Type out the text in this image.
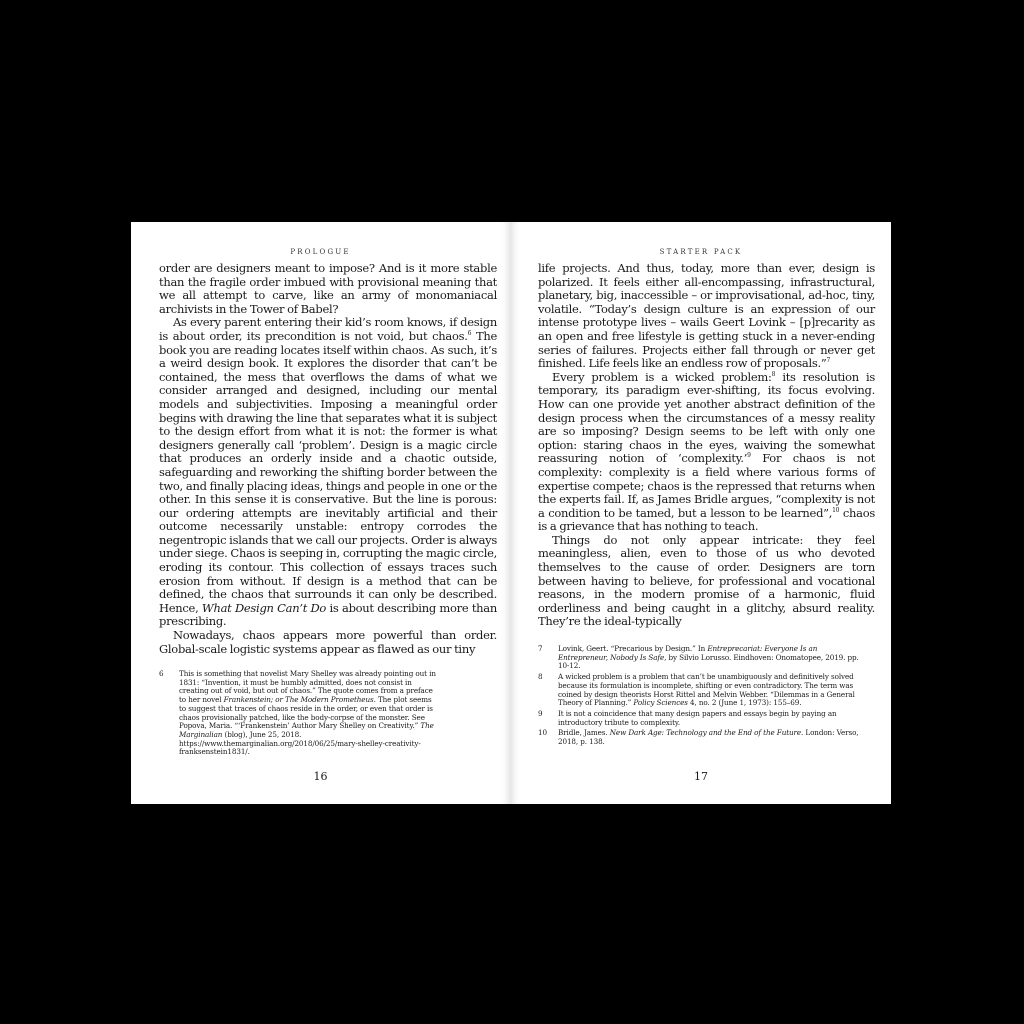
PROLOGUE

order are designers meant to impose? And is it more stable than the fragile order imbued with provisional meaning that we all attempt to carve, like an army of monomaniacal archivists in the Tower of Babel?

As every parent entering their kid’s room knows, if design is about order, its precondition is not void, but chaos.$^6$ The book you are reading locates itself within chaos. As such, it’s a weird design book. It explores the disorder that can’t be contained, the mess that overflows the dams of what we consider arranged and designed, including our mental models and subjectivities. Imposing a meaningful order begins with drawing the line that separates what it is subject to the design effort from what it is not: the former is what designers generally call ‘problem’. Design is a magic circle that produces an orderly inside and a chaotic outside, safeguarding and reworking the shifting border between the two, and finally placing ideas, things and people in one or the other. In this sense it is conservative. But the line is porous: our ordering attempts are inevitably artificial and their outcome necessarily unstable: entropy corrodes the negentropic islands that we call our projects. Order is always under siege. Chaos is seeping in, corrupting the magic circle, eroding its contour. This collection of essays traces such erosion from without. If design is a method that can be defined, the chaos that surrounds it can only be described. Hence, What Design Can’t Do is about describing more than prescribing.

Nowadays, chaos appears more powerful than order. Global-scale logistic systems appear as flawed as our tiny

6	This is something that novelist Mary Shelley was already pointing out in 1831: “Invention, it must be humbly admitted, does not consist in creating out of void, but out of chaos.” The quote comes from a preface to her novel Frankenstein; or The Modern Prometheus. The plot seems to suggest that traces of chaos reside in the order, or even that order is chaos provisionally patched, like the body-corpse of the monster. See Popova, Maria. “‘Frankenstein’ Author Mary Shelley on Creativity.” The Marginalian (blog), June 25, 2018. https://www.themarginalian.org/2018/06/25/mary-shelley-creativity-franksenstein1831/.
16
STARTER PACK

life projects. And thus, today, more than ever, design is polarized. It feels either all-encompassing, infrastructural, planetary, big, inaccessible – or improvisational, ad-hoc, tiny, volatile. “Today’s design culture is an expression of our intense prototype lives – wails Geert Lovink – [p]recarity as an open and free lifestyle is getting stuck in a never-ending series of failures. Projects either fall through or never get finished. Life feels like an endless row of proposals.”$^7$

Every problem is a wicked problem:$^8$ its resolution is temporary, its paradigm ever-shifting, its focus evolving. How can one provide yet another abstract definition of the design process when the circumstances of a messy reality are so imposing? Design seems to be left with only one option: staring chaos in the eyes, waiving the somewhat reassuring notion of ‘complexity.’$^9$ For chaos is not complexity: complexity is a field where various forms of expertise compete; chaos is the repressed that returns when the experts fail. If, as James Bridle argues, “complexity is not a condition to be tamed, but a lesson to be learned”,$^{10}$ chaos is a grievance that has nothing to teach.

Things do not only appear intricate: they feel meaningless, alien, even to those of us who devoted themselves to the cause of order. Designers are torn between having to believe, for professional and vocational reasons, in the modern promise of a harmonic, fluid orderliness and being caught in a glitchy, absurd reality. They’re the ideal-typically

7	Lovink, Geert. “Precarious by Design.” In Entreprecariat: Everyone Is an Entrepreneur, Nobody Is Safe, by Silvio Lorusso. Eindhoven: Onomatopee, 2019. pp. 10-12.
8	A wicked problem is a problem that can’t be unambiguously and definitively solved because its formulation is incomplete, shifting or even contradictory. The term was coined by design theorists Horst Rittel and Melvin Webber. “Dilemmas in a General Theory of Planning.” Policy Sciences 4, no. 2 (June 1, 1973): 155–69.
9	It is not a coincidence that many design papers and essays begin by paying an introductory tribute to complexity.
10	Bridle, James. New Dark Age: Technology and the End of the Future. London: Verso, 2018, p. 138.
17
